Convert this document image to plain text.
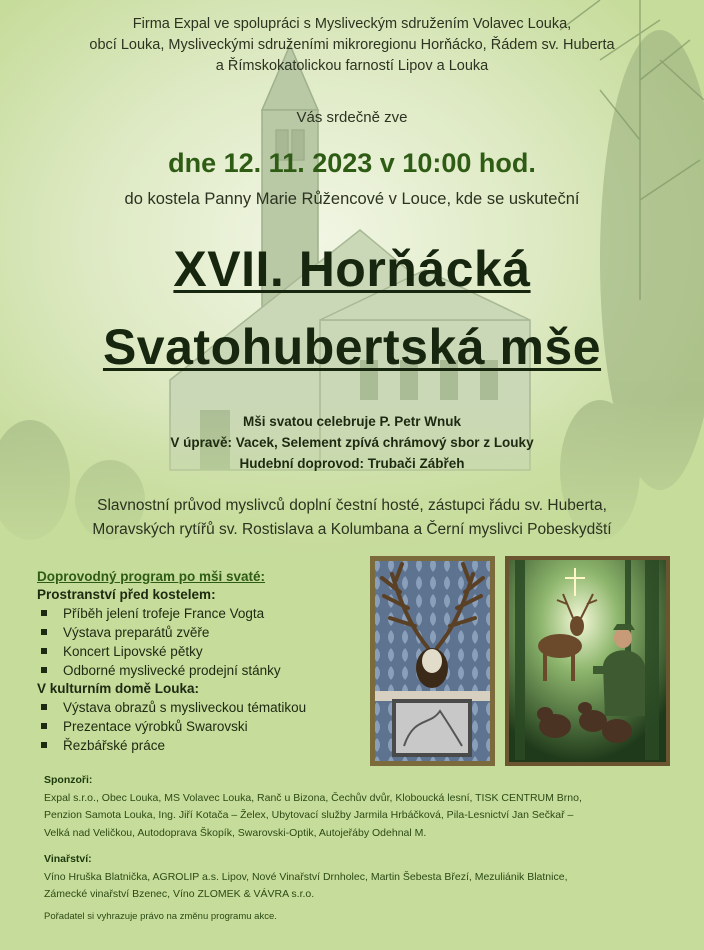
Firma Expal ve spolupráci s Mysliveckým sdružením Volavec Louka,
obcí Louka, Mysliveckými sdruženími mikroregionu Horňácko, Řádem sv. Huberta
a Římskokatolickou farností Lipov a Louka
Vás srdečně zve
dne 12. 11. 2023 v 10:00 hod.
do kostela Panny Marie Růžencové v Louce, kde se uskuteční
XVII. Horňácká
Svatohubertská mše
Mši svatou celebruje P. Petr Wnuk
V úpravě: Vacek, Selement zpívá chrámový sbor z Louky
Hudební doprovod: Trubači Zábřeh
Slavnostní průvod myslivců doplní čestní hosté, zástupci řádu sv. Huberta,
Moravských rytířů sv. Rostislava a Kolumbana a Černí myslivci Pobeskydští
Doprovodný program po mši svaté:
Prostranství před kostelem:
Příběh jelení trofeje France Vogta
Výstava preparátů zvěře
Koncert Lipovské pětky
Odborné myslivecké prodejní stánky
V kulturním domě Louka:
Výstava obrazů s mysliveckou tématikou
Prezentace výrobků Swarovski
Řezbářské práce
Sponzoři:
Expal s.r.o., Obec Louka, MS Volavec Louka, Ranč u Bizona, Čechův dvůr, Kloboucká lesní, TISK CENTRUM Brno,
Penzion Samota Louka, Ing. Jiří Kotača – Želex, Ubytovací služby Jarmila Hrbáčková, Pila-Lesnictví Jan Sečkař –
Velká nad Veličkou, Autodoprava Škopík, Swarovski-Optik, Autojeřáby Odehnal M.
Vinařství:
Víno Hruška Blatnička, AGROLIP a.s. Lipov, Nové Vinařství Drnholec, Martin Šebesta Březí, Mezuliánik Blatnice,
Zámecké vinařství Bzenec, Víno ZLOMEK & VÁVRA s.r.o.
Pořadatel si vyhrazuje právo na změnu programu akce.
